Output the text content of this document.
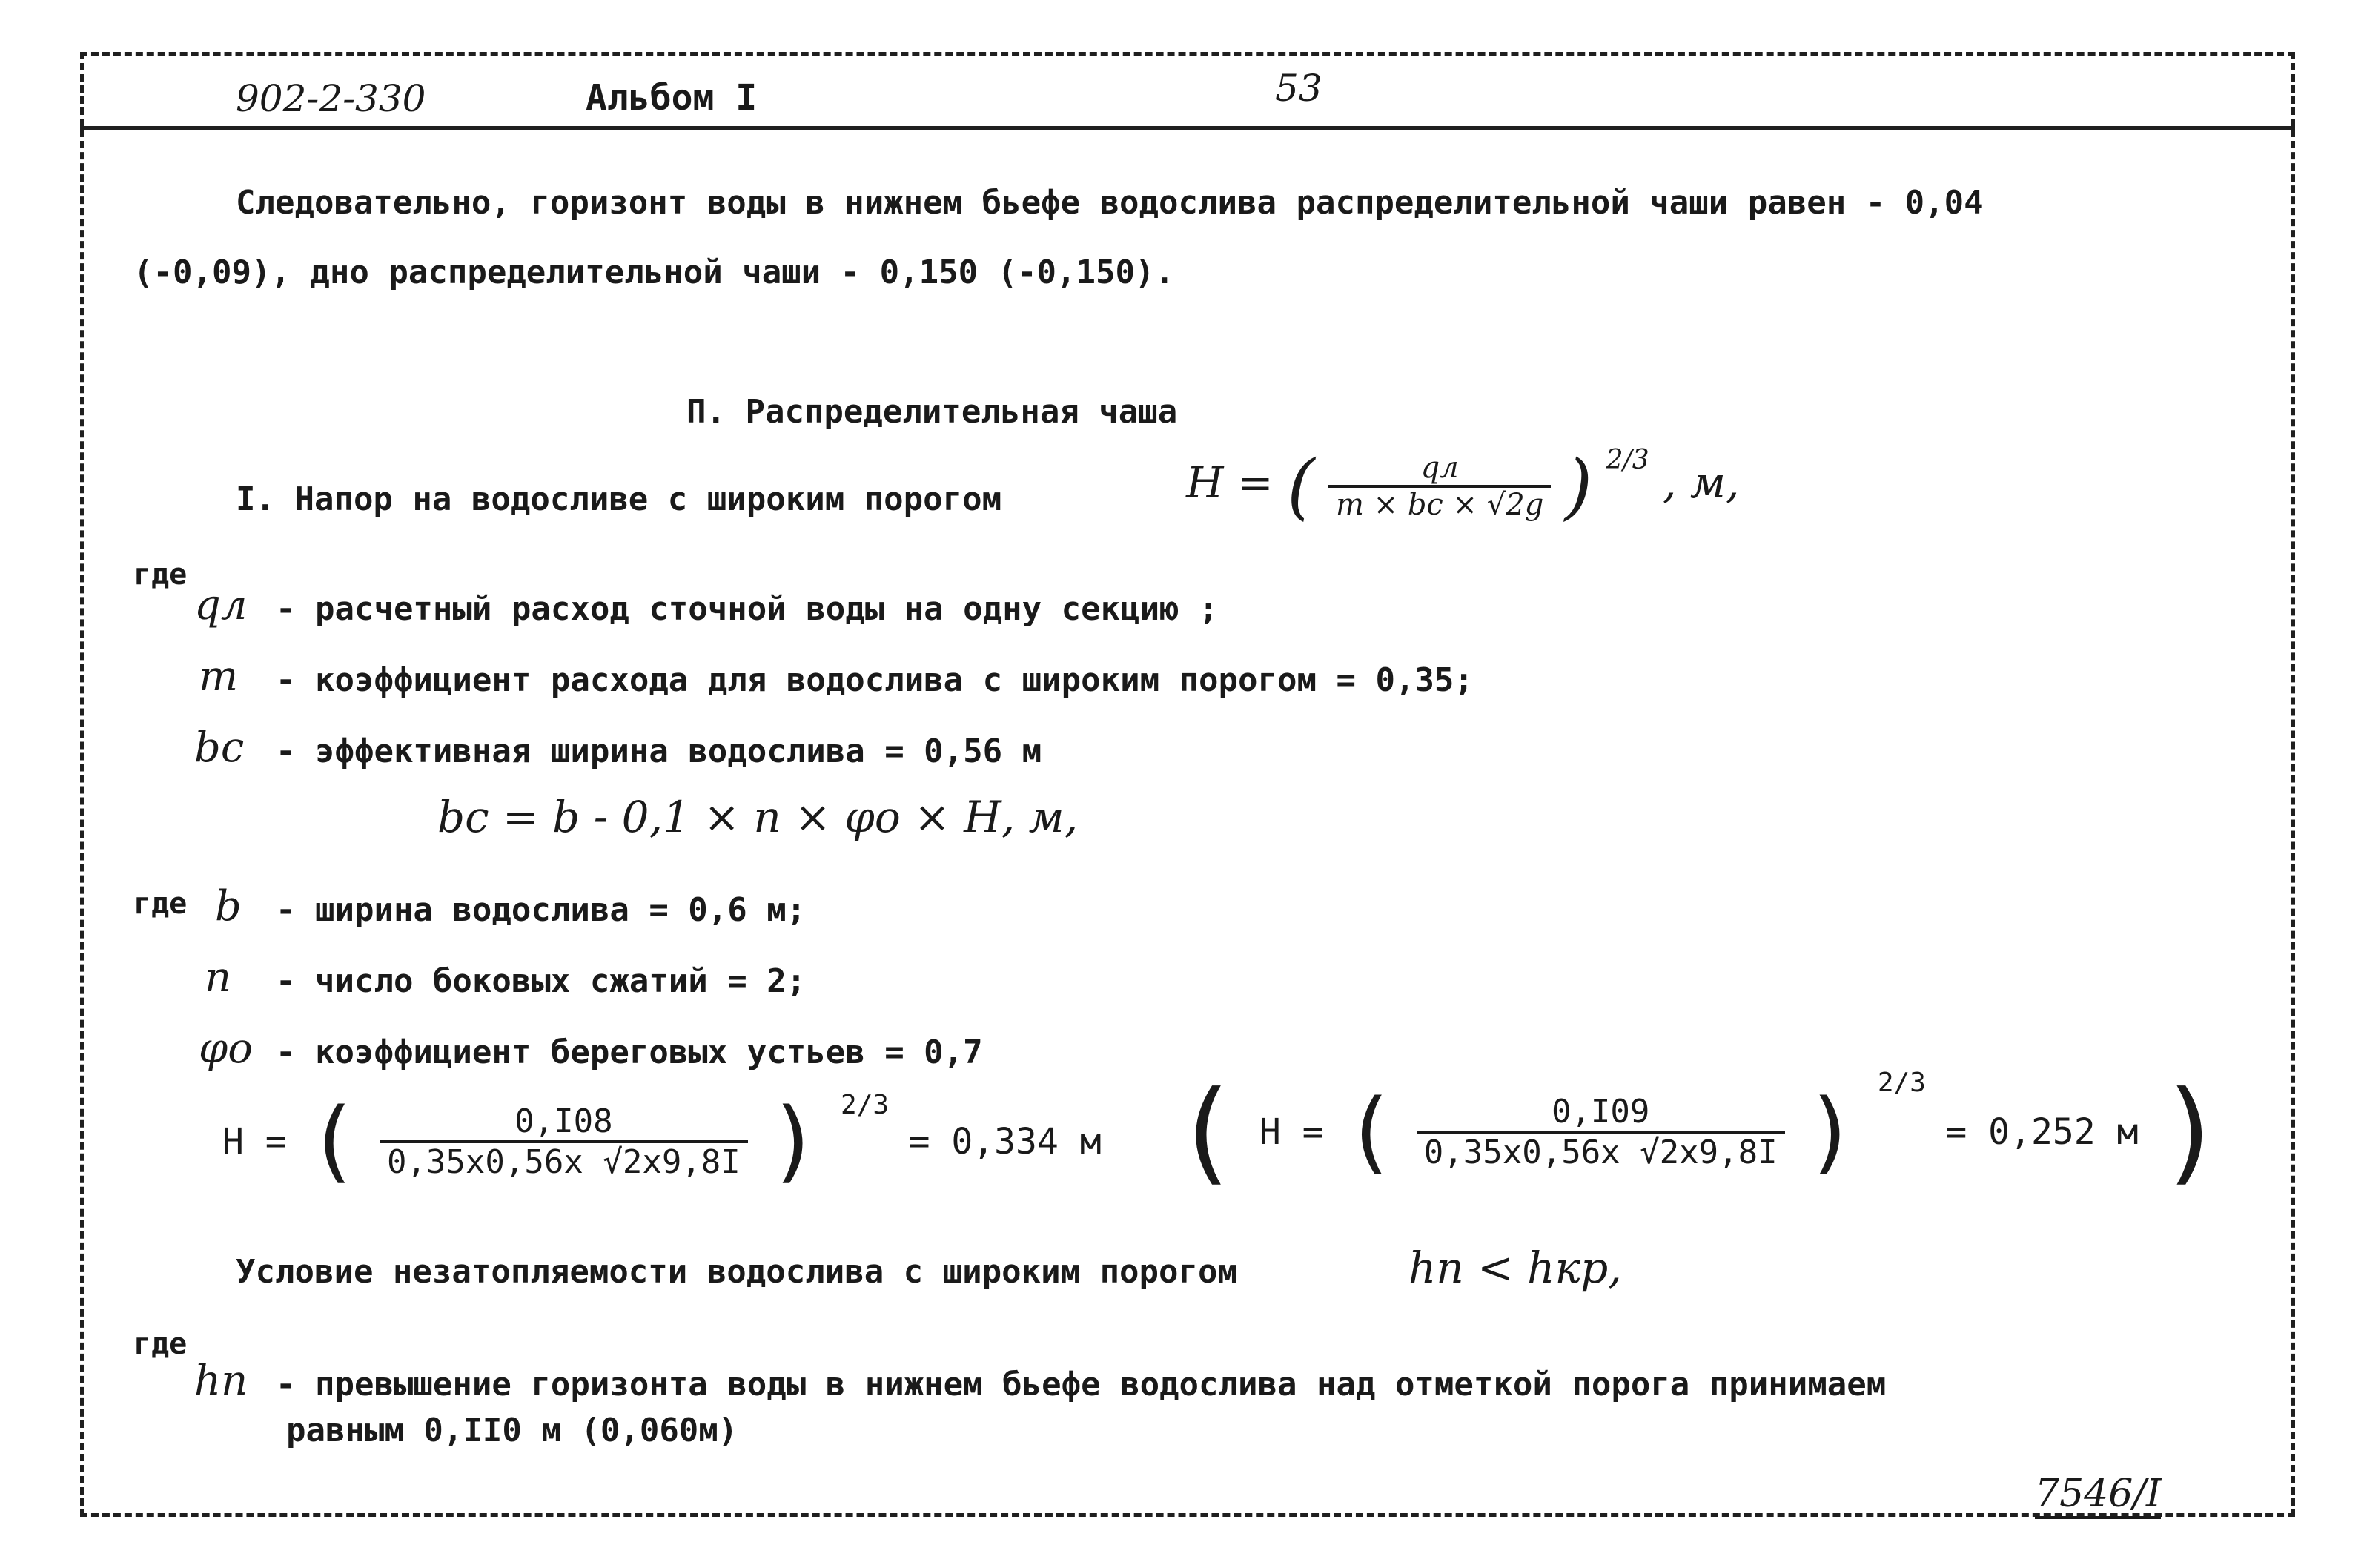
902-2-330	Альбом I	53
Следовательно, горизонт воды в нижнем бьефе водослива распределительной чаши равен - 0,04
(-0,09), дно распределительной чаши - 0,150 (-0,150).
П. Распределительная чаша
I. Напор на водосливе с широким порогом	H = ( $\frac{qл}{m \times bс \times √2g}$ ) $^{2/3}$ , м,
где
qл - расчетный расход сточной воды на одну секцию ;
m - коэффициент расхода для водослива с широким порогом = 0,35;
bс - эффективная ширина водослива = 0,56 м
bс = b - 0,1 × n × φо × H, м,
где b - ширина водослива = 0,6 м;
n - число боковых сжатий = 2;
φо - коэффициент береговых устьев = 0,7
H = ( $\frac{0,I08}{0,35x0,56x √2x9,8I}$ ) $^{2/3}$ = 0,334 м ( H = ( $\frac{0,I09}{0,35x0,56x √2x9,8I}$ ) $^{2/3}$ = 0,252 м )
Условие незатопляемости водослива с широким порогом	hп < hкр,
где
hп - превышение горизонта воды в нижнем бьефе водослива над отметкой порога принимаем
равным 0,II0 м (0,060м)
7546/I
